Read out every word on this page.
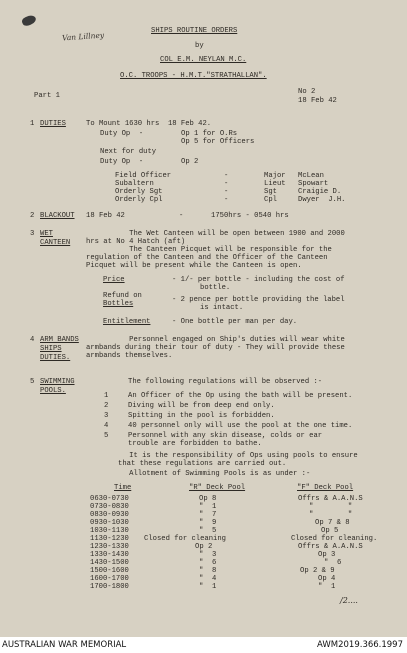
Van Lillney	SHIPS ROUTINE ORDERS
by
COL E.M. NEYLAN M.C.
O.C. TROOPS - H.M.T."STRATHALLAN".
Part 1	No 2
18 Feb 42
1 DUTIES	To Mount 1630 hrs  18 Feb 42.
Duty Op  -	Op 1 for O.Rs
Op 5 for Officers
Next for duty
Duty Op  -	Op 2
Field Officer	-	Major McLean
Subaltern	-	Lieut Spowart
Orderly Sgt	-	Sgt	Craigie D.
Orderly Cpl	-	Cpl	Dwyer  J.H.
2 BLACKOUT 18 Feb 42	-	1750hrs - 0540 hrs
3 WET
CANTEEN
The Wet Canteen will be open between 1900 and 2000
hrs at No 4 Hatch (aft)
The Canteen Picquet will be responsible for the
regulation of the Canteen and the Officer of the Canteen
Picquet will be present while the Canteen is open.
Price	- 1/- per bottle - including the cost of
bottle.
Refund on
Bottles	- 2 pence per bottle providing the label
is intact.
Entitlement	- One bottle per man per day.
4 ARM BANDS
SHIPS
DUTIES.
Personnel engaged on Ship's duties will wear white
armbands during their tour of duty - They will provide these
armbands themselves.
5 SWIMMING
POOLS.
The following regulations will be observed :-
1	An Officer of the Op using the bath will be present.
2	Diving will be from deep end only.
3	Spitting in the pool is forbidden.
4	40 personnel only will use the pool at the one time.
5	Personnel with any skin disease, colds or ear
trouble are forbidden to bathe.
It is the responsibility of Ops using pools to ensure
that these regulations are carried out.
Allotment of Swimming Pools is as under :-
Time	"R" Deck Pool	"F" Deck Pool
0630-0730	Op 8	Offrs & A.A.N.S
0730-0830	"  1	"        "
0830-0930	"  7	"        "
0930-1030	"  9	Op 7 & 8
1030-1130	"  5	Op 5
1130-1230 Closed for cleaning	Closed for cleaning.
1230-1330	Op 2	Offrs & A.A.N.S
1330-1430	"  3	Op 3
1430-1500	"  6	"  6
1500-1600	"  8	Op 2 & 9
1600-1700	"  4	Op 4
1700-1800	"  1	"  1
/2....
AUSTRALIAN WAR MEMORIAL	AWM2019.366.1997
